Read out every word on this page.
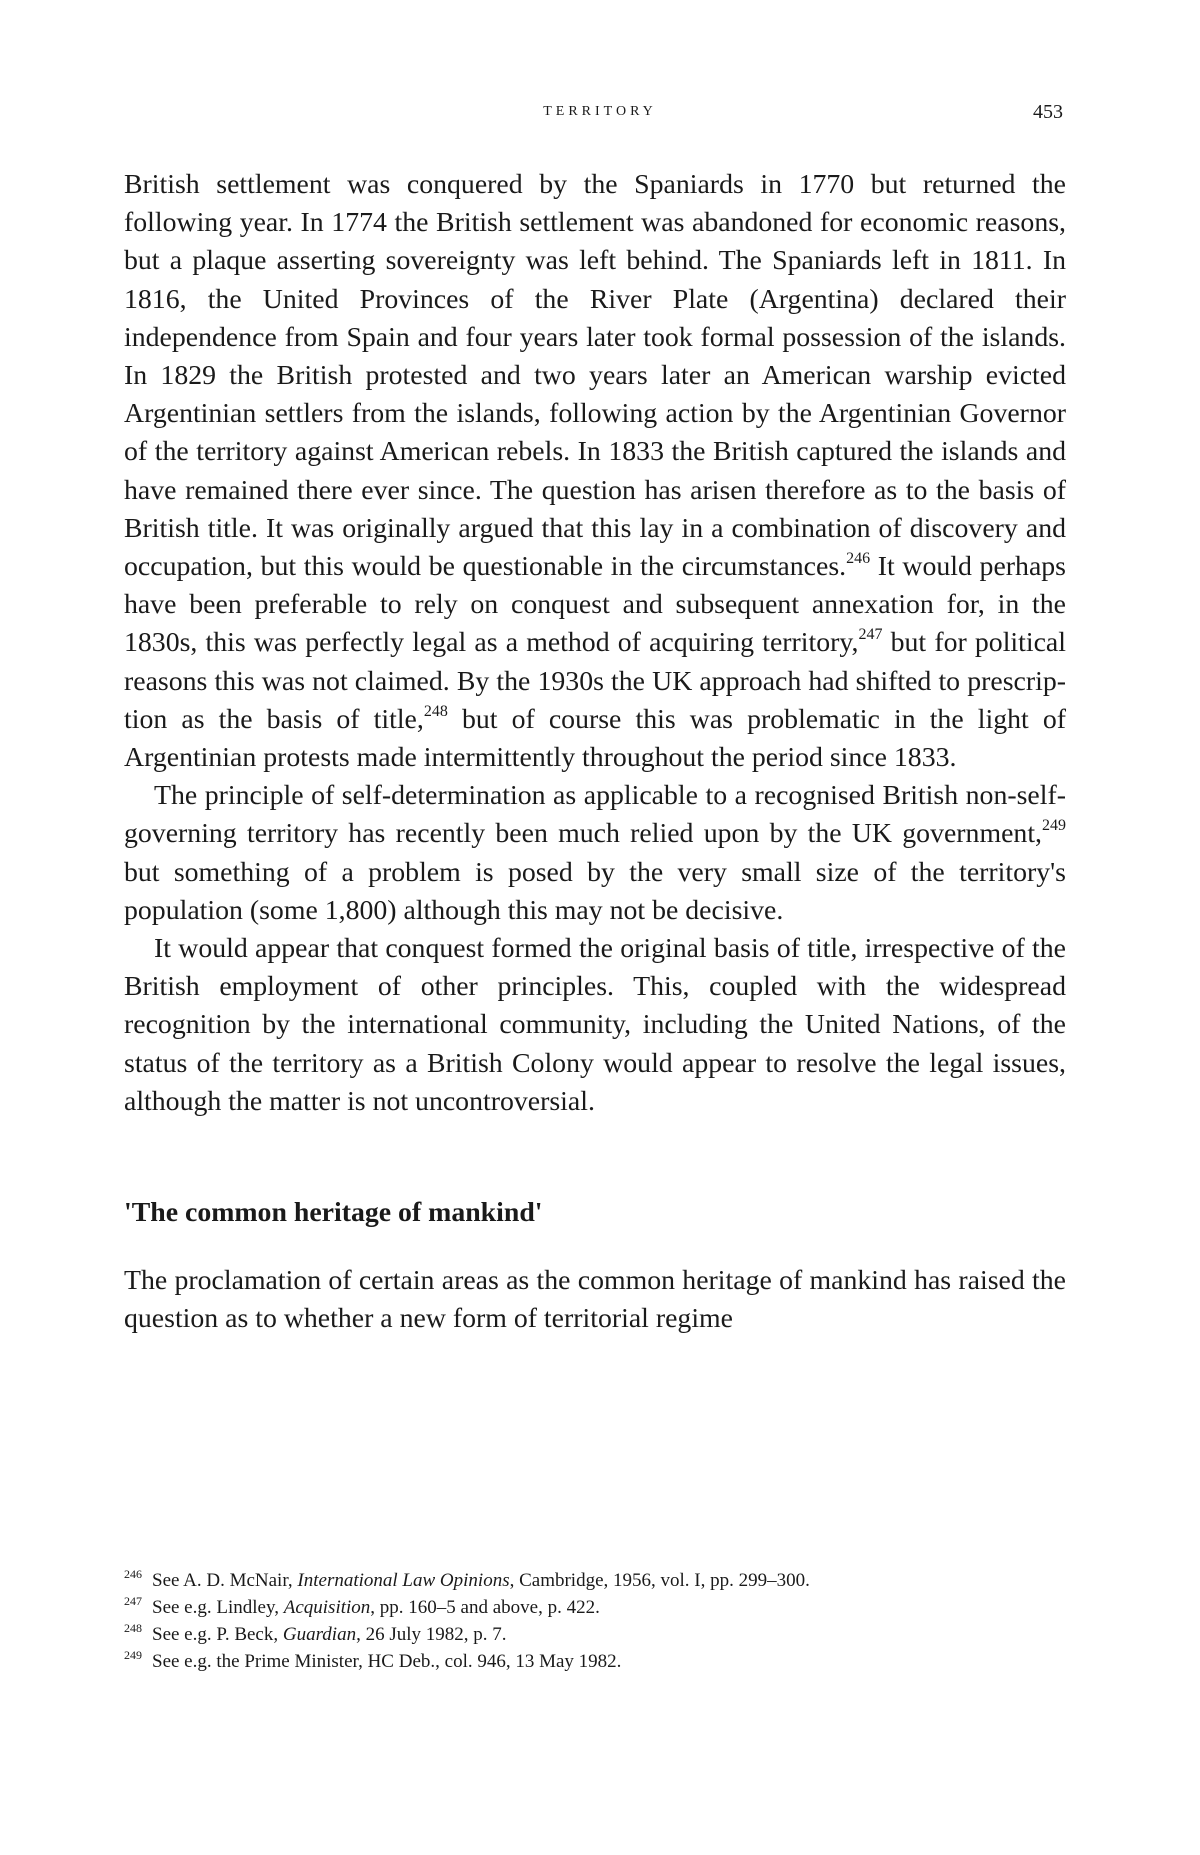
TERRITORY	453

British settlement was conquered by the Spaniards in 1770 but returned the following year. In 1774 the British settlement was abandoned for economic reasons, but a plaque asserting sovereignty was left behind. The Spaniards left in 1811. In 1816, the United Provinces of the River Plate (Argentina) declared their independence from Spain and four years later took formal possession of the islands. In 1829 the British protested and two years later an American warship evicted Argentinian settlers from the islands, following action by the Argentinian Governor of the territory against American rebels. In 1833 the British captured the islands and have remained there ever since. The question has arisen therefore as to the basis of British title. It was originally argued that this lay in a combination of discovery and occupation, but this would be questionable in the circumstances.$^{246}$ It would perhaps have been preferable to rely on conquest and subsequent annexation for, in the 1830s, this was perfectly legal as a method of acquiring territory,$^{247}$ but for political reasons this was not claimed. By the 1930s the UK approach had shifted to prescription as the basis of title,$^{248}$ but of course this was problematic in the light of Argentinian protests made intermittently throughout the period since 1833.

The principle of self-determination as applicable to a recognised British non-self-governing territory has recently been much relied upon by the UK government,$^{249}$ but something of a problem is posed by the very small size of the territory's population (some 1,800) although this may not be decisive.

It would appear that conquest formed the original basis of title, irrespective of the British employment of other principles. This, coupled with the widespread recognition by the international community, including the United Nations, of the status of the territory as a British Colony would appear to resolve the legal issues, although the matter is not uncontroversial.

'The common heritage of mankind'

The proclamation of certain areas as the common heritage of mankind has raised the question as to whether a new form of territorial regime

$^{246}$ See A. D. McNair, International Law Opinions, Cambridge, 1956, vol. I, pp. 299–300.
$^{247}$ See e.g. Lindley, Acquisition, pp. 160–5 and above, p. 422.
$^{248}$ See e.g. P. Beck, Guardian, 26 July 1982, p. 7.
$^{249}$ See e.g. the Prime Minister, HC Deb., col. 946, 13 May 1982.
